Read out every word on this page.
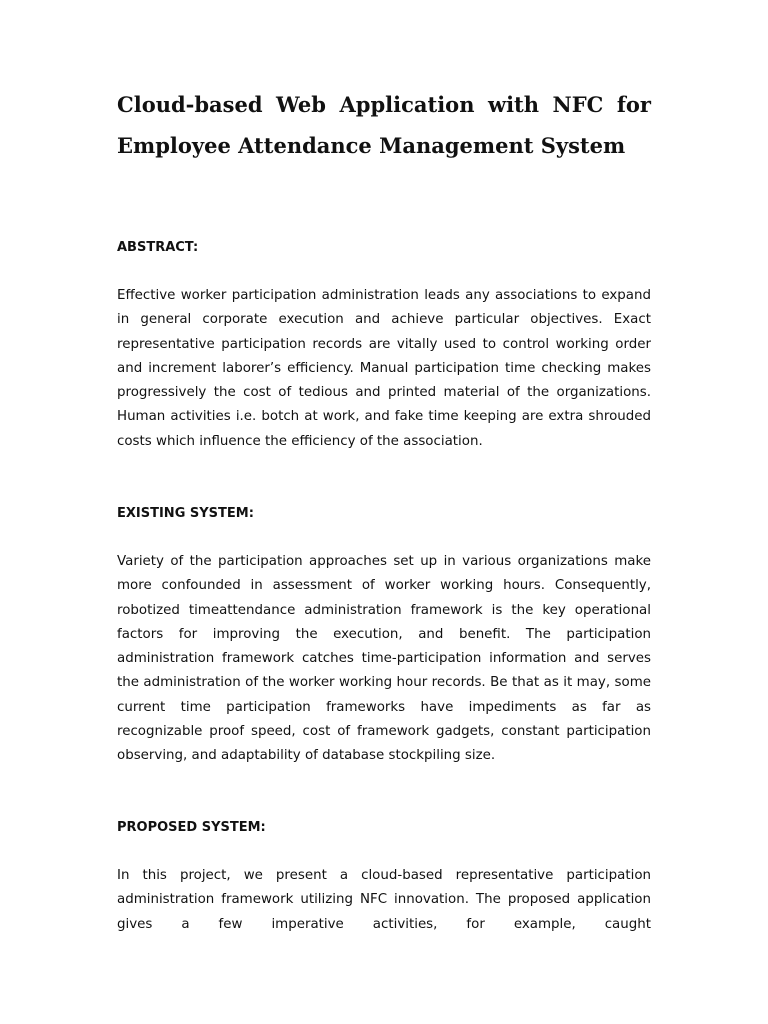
Cloud-based Web Application with NFC for Employee Attendance Management System
ABSTRACT:

Effective worker participation administration leads any associations to expand in general corporate execution and achieve particular objectives. Exact representative participation records are vitally used to control working order and increment laborer’s efficiency. Manual participation time checking makes progressively the cost of tedious and printed material of the organizations. Human activities i.e. botch at work, and fake time keeping are extra shrouded costs which influence the efficiency of the association.

EXISTING SYSTEM:

Variety of the participation approaches set up in various organizations make more confounded in assessment of worker working hours. Consequently, robotized timeattendance administration framework is the key operational factors for improving the execution, and benefit. The participation administration framework catches time-participation information and serves the administration of the worker working hour records. Be that as it may, some current time participation frameworks have impediments as far as recognizable proof speed, cost of framework gadgets, constant participation observing, and adaptability of database stockpiling size.

PROPOSED SYSTEM:

In this project, we present a cloud-based representative participation administration framework utilizing NFC innovation. The proposed application gives a few imperative activities, for example, caught
